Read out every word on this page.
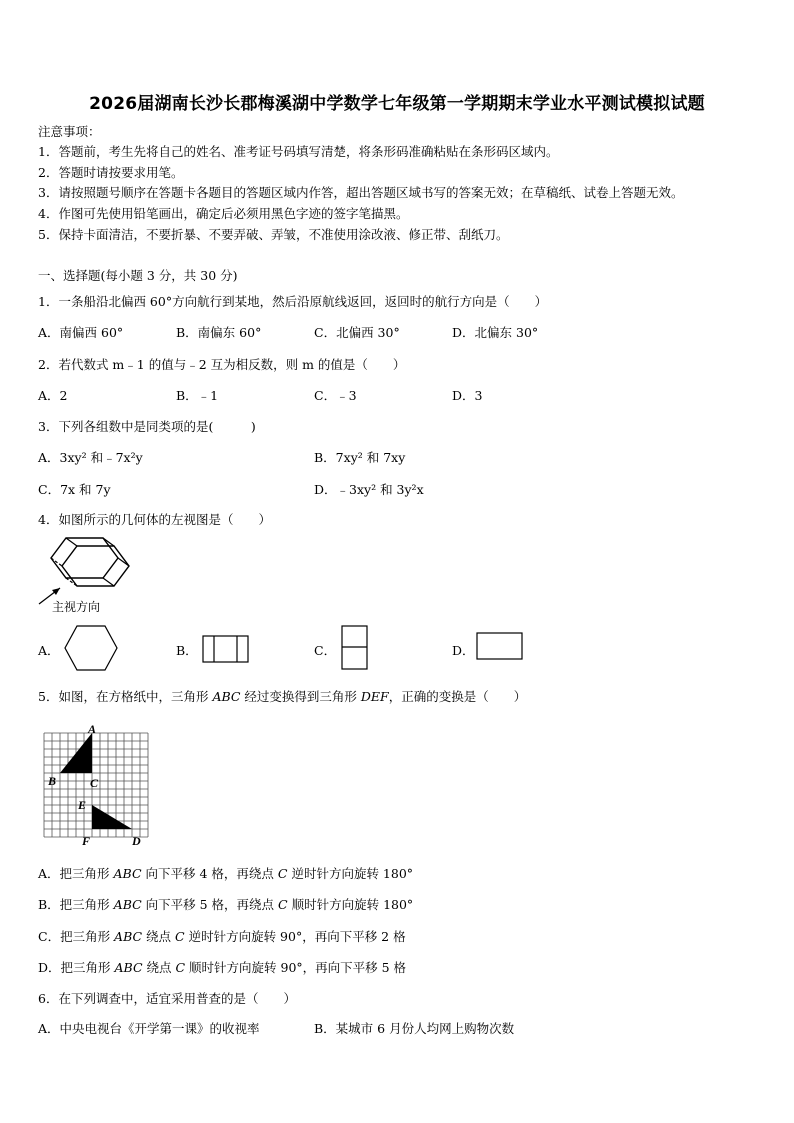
2026届湖南长沙长郡梅溪湖中学数学七年级第一学期期末学业水平测试模拟试题
注意事项：
1．答题前，考生先将自己的姓名、准考证号码填写清楚，将条形码准确粘贴在条形码区域内。
2．答题时请按要求用笔。
3．请按照题号顺序在答题卡各题目的答题区域内作答，超出答题区域书写的答案无效；在草稿纸、试卷上答题无效。
4．作图可先使用铅笔画出，确定后必须用黑色字迹的签字笔描黑。
5．保持卡面清洁，不要折暴、不要弄破、弄皱，不准使用涂改液、修正带、刮纸刀。
一、选择题(每小题 3 分，共 30 分)
1．一条船沿北偏西 60°方向航行到某地，然后沿原航线返回，返回时的航行方向是（　　）
A．南偏西 60°	B．南偏东 60°	C．北偏西 30°	D．北偏东 30°
2．若代数式 m﹣1 的值与﹣2 互为相反数，则 m 的值是（　　）
A．2	B．﹣1	C．﹣3	D．3
3．下列各组数中是同类项的是(　　　)
A．3xy² 和﹣7x²y	B．7xy² 和 7xy
C．7x 和 7y	D．﹣3xy² 和 3y²x
4．如图所示的几何体的左视图是（　　）
主视方向
A．	B．	C．	D．
5．如图，在方格纸中，三角形 ABC 经过变换得到三角形 DEF，正确的变换是（　　）
A
B	C
E
F	D
A．把三角形 ABC 向下平移 4 格，再绕点 C 逆时针方向旋转 180°
B．把三角形 ABC 向下平移 5 格，再绕点 C 顺时针方向旋转 180°
C．把三角形 ABC 绕点 C 逆时针方向旋转 90°，再向下平移 2 格
D．把三角形 ABC 绕点 C 顺时针方向旋转 90°，再向下平移 5 格
6．在下列调查中，适宜采用普查的是（　　）
A．中央电视台《开学第一课》的收视率	B．某城市 6 月份人均网上购物次数
